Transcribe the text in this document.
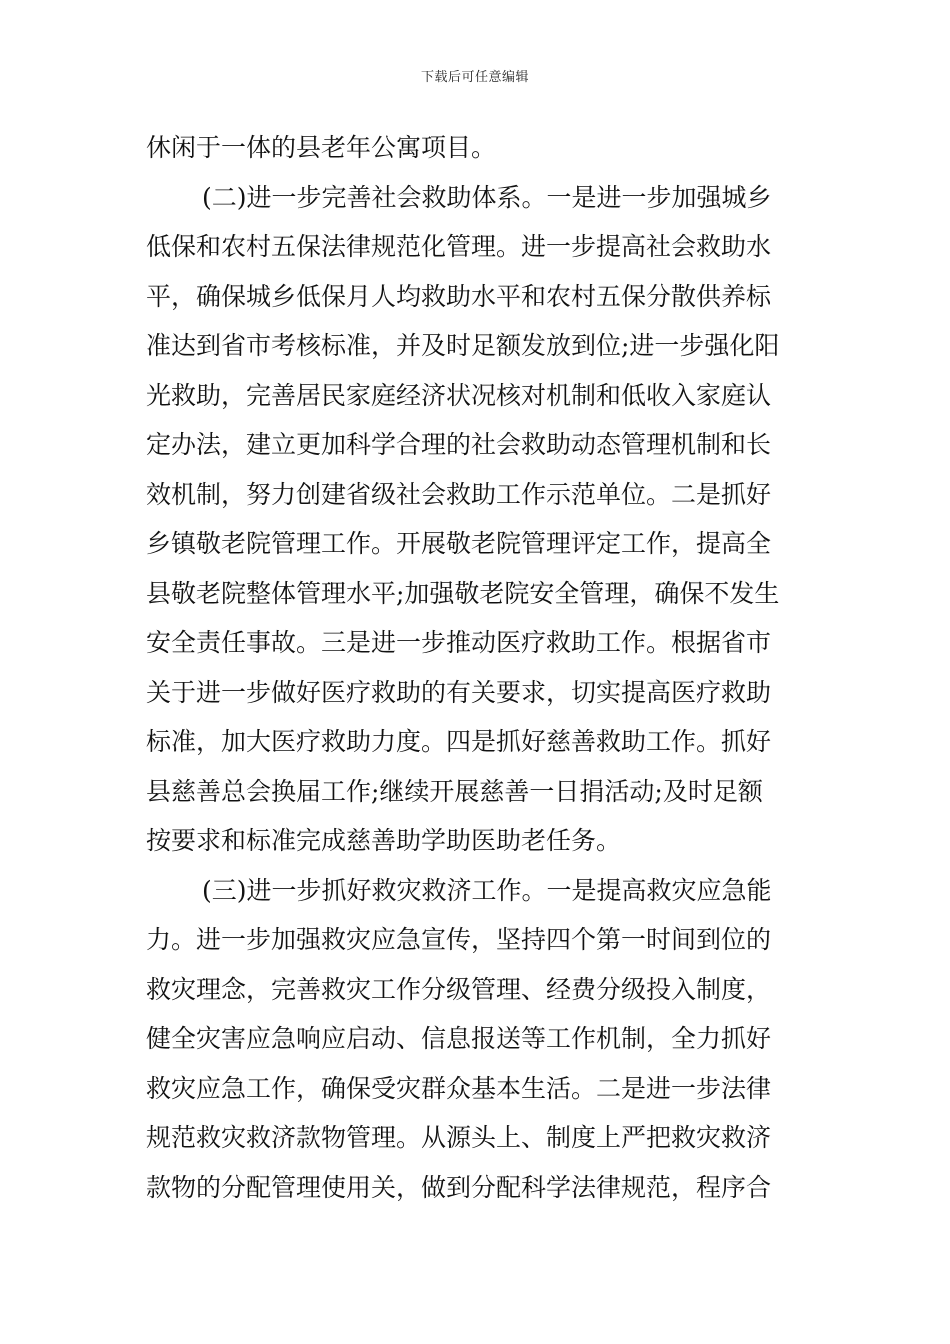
下载后可任意编辑
休闲于一体的县老年公寓项目。
(二)进一步完善社会救助体系。一是进一步加强城乡
低保和农村五保法律规范化管理。进一步提高社会救助水
平，确保城乡低保月人均救助水平和农村五保分散供养标
准达到省市考核标准，并及时足额发放到位;进一步强化阳
光救助，完善居民家庭经济状况核对机制和低收入家庭认
定办法，建立更加科学合理的社会救助动态管理机制和长
效机制，努力创建省级社会救助工作示范单位。二是抓好
乡镇敬老院管理工作。开展敬老院管理评定工作，提高全
县敬老院整体管理水平;加强敬老院安全管理，确保不发生
安全责任事故。三是进一步推动医疗救助工作。根据省市
关于进一步做好医疗救助的有关要求，切实提高医疗救助
标准，加大医疗救助力度。四是抓好慈善救助工作。抓好
县慈善总会换届工作;继续开展慈善一日捐活动;及时足额
按要求和标准完成慈善助学助医助老任务。
(三)进一步抓好救灾救济工作。一是提高救灾应急能
力。进一步加强救灾应急宣传，坚持四个第一时间到位的
救灾理念，完善救灾工作分级管理、经费分级投入制度，
健全灾害应急响应启动、信息报送等工作机制，全力抓好
救灾应急工作，确保受灾群众基本生活。二是进一步法律
规范救灾救济款物管理。从源头上、制度上严把救灾救济
款物的分配管理使用关，做到分配科学法律规范，程序合
